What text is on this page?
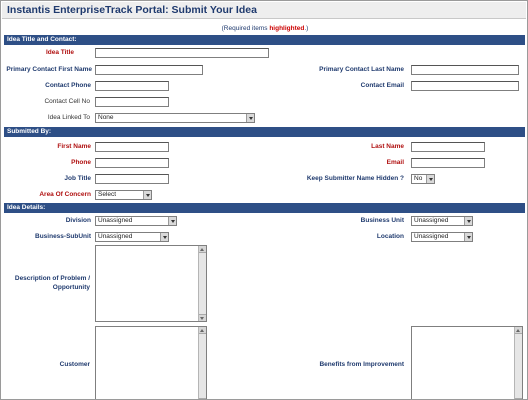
Instantis EnterpriseTrack Portal: Submit Your Idea
(Required items highlighted.)
Idea Title and Contact:
Idea Title
Primary Contact First Name	Primary Contact Last Name
Contact Phone	Contact Email
Contact Cell No
Idea Linked To	None
Submitted By:
First Name	Last Name
Phone	Email
Job Title	Keep Submitter Name Hidden ?	No
Area Of Concern	Select
Idea Details:
Division	Unassigned	Business Unit	Unassigned
Business-SubUnit	Unassigned	Location	Unassigned
Description of Problem /
Opportunity
Customer	Benefits from Improvement
